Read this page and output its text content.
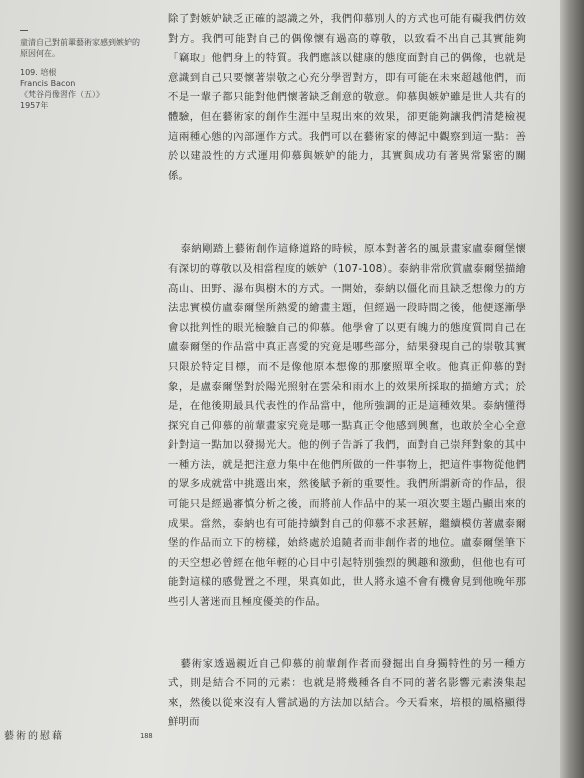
童清自己對前輩藝術家感到嫉妒的原因何在。

109. 培根

Francis Bacon

《梵谷肖像習作（五）》

1957年

除了對嫉妒缺乏正確的認識之外，我們仰慕別人的方式也可能有礙我們仿效對方。我們可能對自己的偶像懷有過高的尊敬，以致看不出自己其實能夠「竊取」他們身上的特質。我們應該以健康的態度面對自己的偶像，也就是意識到自己只要懷著崇敬之心充分學習對方，即有可能在未來超越他們，而不是一輩子都只能對他們懷著缺乏創意的敬意。仰慕與嫉妒雖是世人共有的體驗，但在藝術家的創作生涯中呈現出來的效果，卻更能夠讓我們清楚檢視這兩種心態的內部運作方式。我們可以在藝術家的傳記中觀察到這一點：善於以建設性的方式運用仰慕與嫉妒的能力，其實與成功有著異常緊密的關係。

泰納剛踏上藝術創作這條道路的時候，原本對著名的風景畫家盧泰爾堡懷有深切的尊敬以及相當程度的嫉妒（107-108）。泰納非常欣賞盧泰爾堡描繪高山、田野、瀑布與樹木的方式。一開始，泰納以僵化而且缺乏想像力的方法忠實模仿盧泰爾堡所熱愛的繪畫主題，但經過一段時間之後，他便逐漸學會以批判性的眼光檢驗自己的仰慕。他學會了以更有魄力的態度質問自己在盧泰爾堡的作品當中真正喜愛的究竟是哪些部分，結果發現自己的崇敬其實只限於特定目標，而不是像他原本想像的那麼照單全收。他真正仰慕的對象，是盧泰爾堡對於陽光照射在雲朵和雨水上的效果所採取的描繪方式；於是，在他後期最具代表性的作品當中，他所強調的正是這種效果。泰納懂得探究自己仰慕的前輩畫家究竟是哪一點真正令他感到興奮，也敢於全心全意針對這一點加以發揚光大。他的例子告訴了我們，面對自己崇拜對象的其中一種方法，就是把注意力集中在他們所做的一件事物上，把這件事物從他們的眾多成就當中挑選出來，然後賦予新的重要性。我們所謂新奇的作品，很可能只是經過審慎分析之後，而將前人作品中的某一項次要主題凸顯出來的成果。當然，泰納也有可能持續對自己的仰慕不求甚解，繼續模仿著盧泰爾堡的作品而立下的榜樣，始終處於追隨者而非創作者的地位。盧泰爾堡筆下的天空想必曾經在他年輕的心目中引起特別強烈的興趣和激動，但他也有可能對這樣的感覺置之不理，果真如此，世人將永遠不會有機會見到他晚年那些引人著迷而且極度優美的作品。

藝術家透過親近自己仰慕的前輩創作者而發掘出自身獨特性的另一種方式，則是結合不同的元素：也就是將幾種各自不同的著名影響元素湊集起來，然後以從來沒有人嘗試過的方法加以結合。今天看來，培根的風格顯得鮮明而

藝術的慰藉	188
